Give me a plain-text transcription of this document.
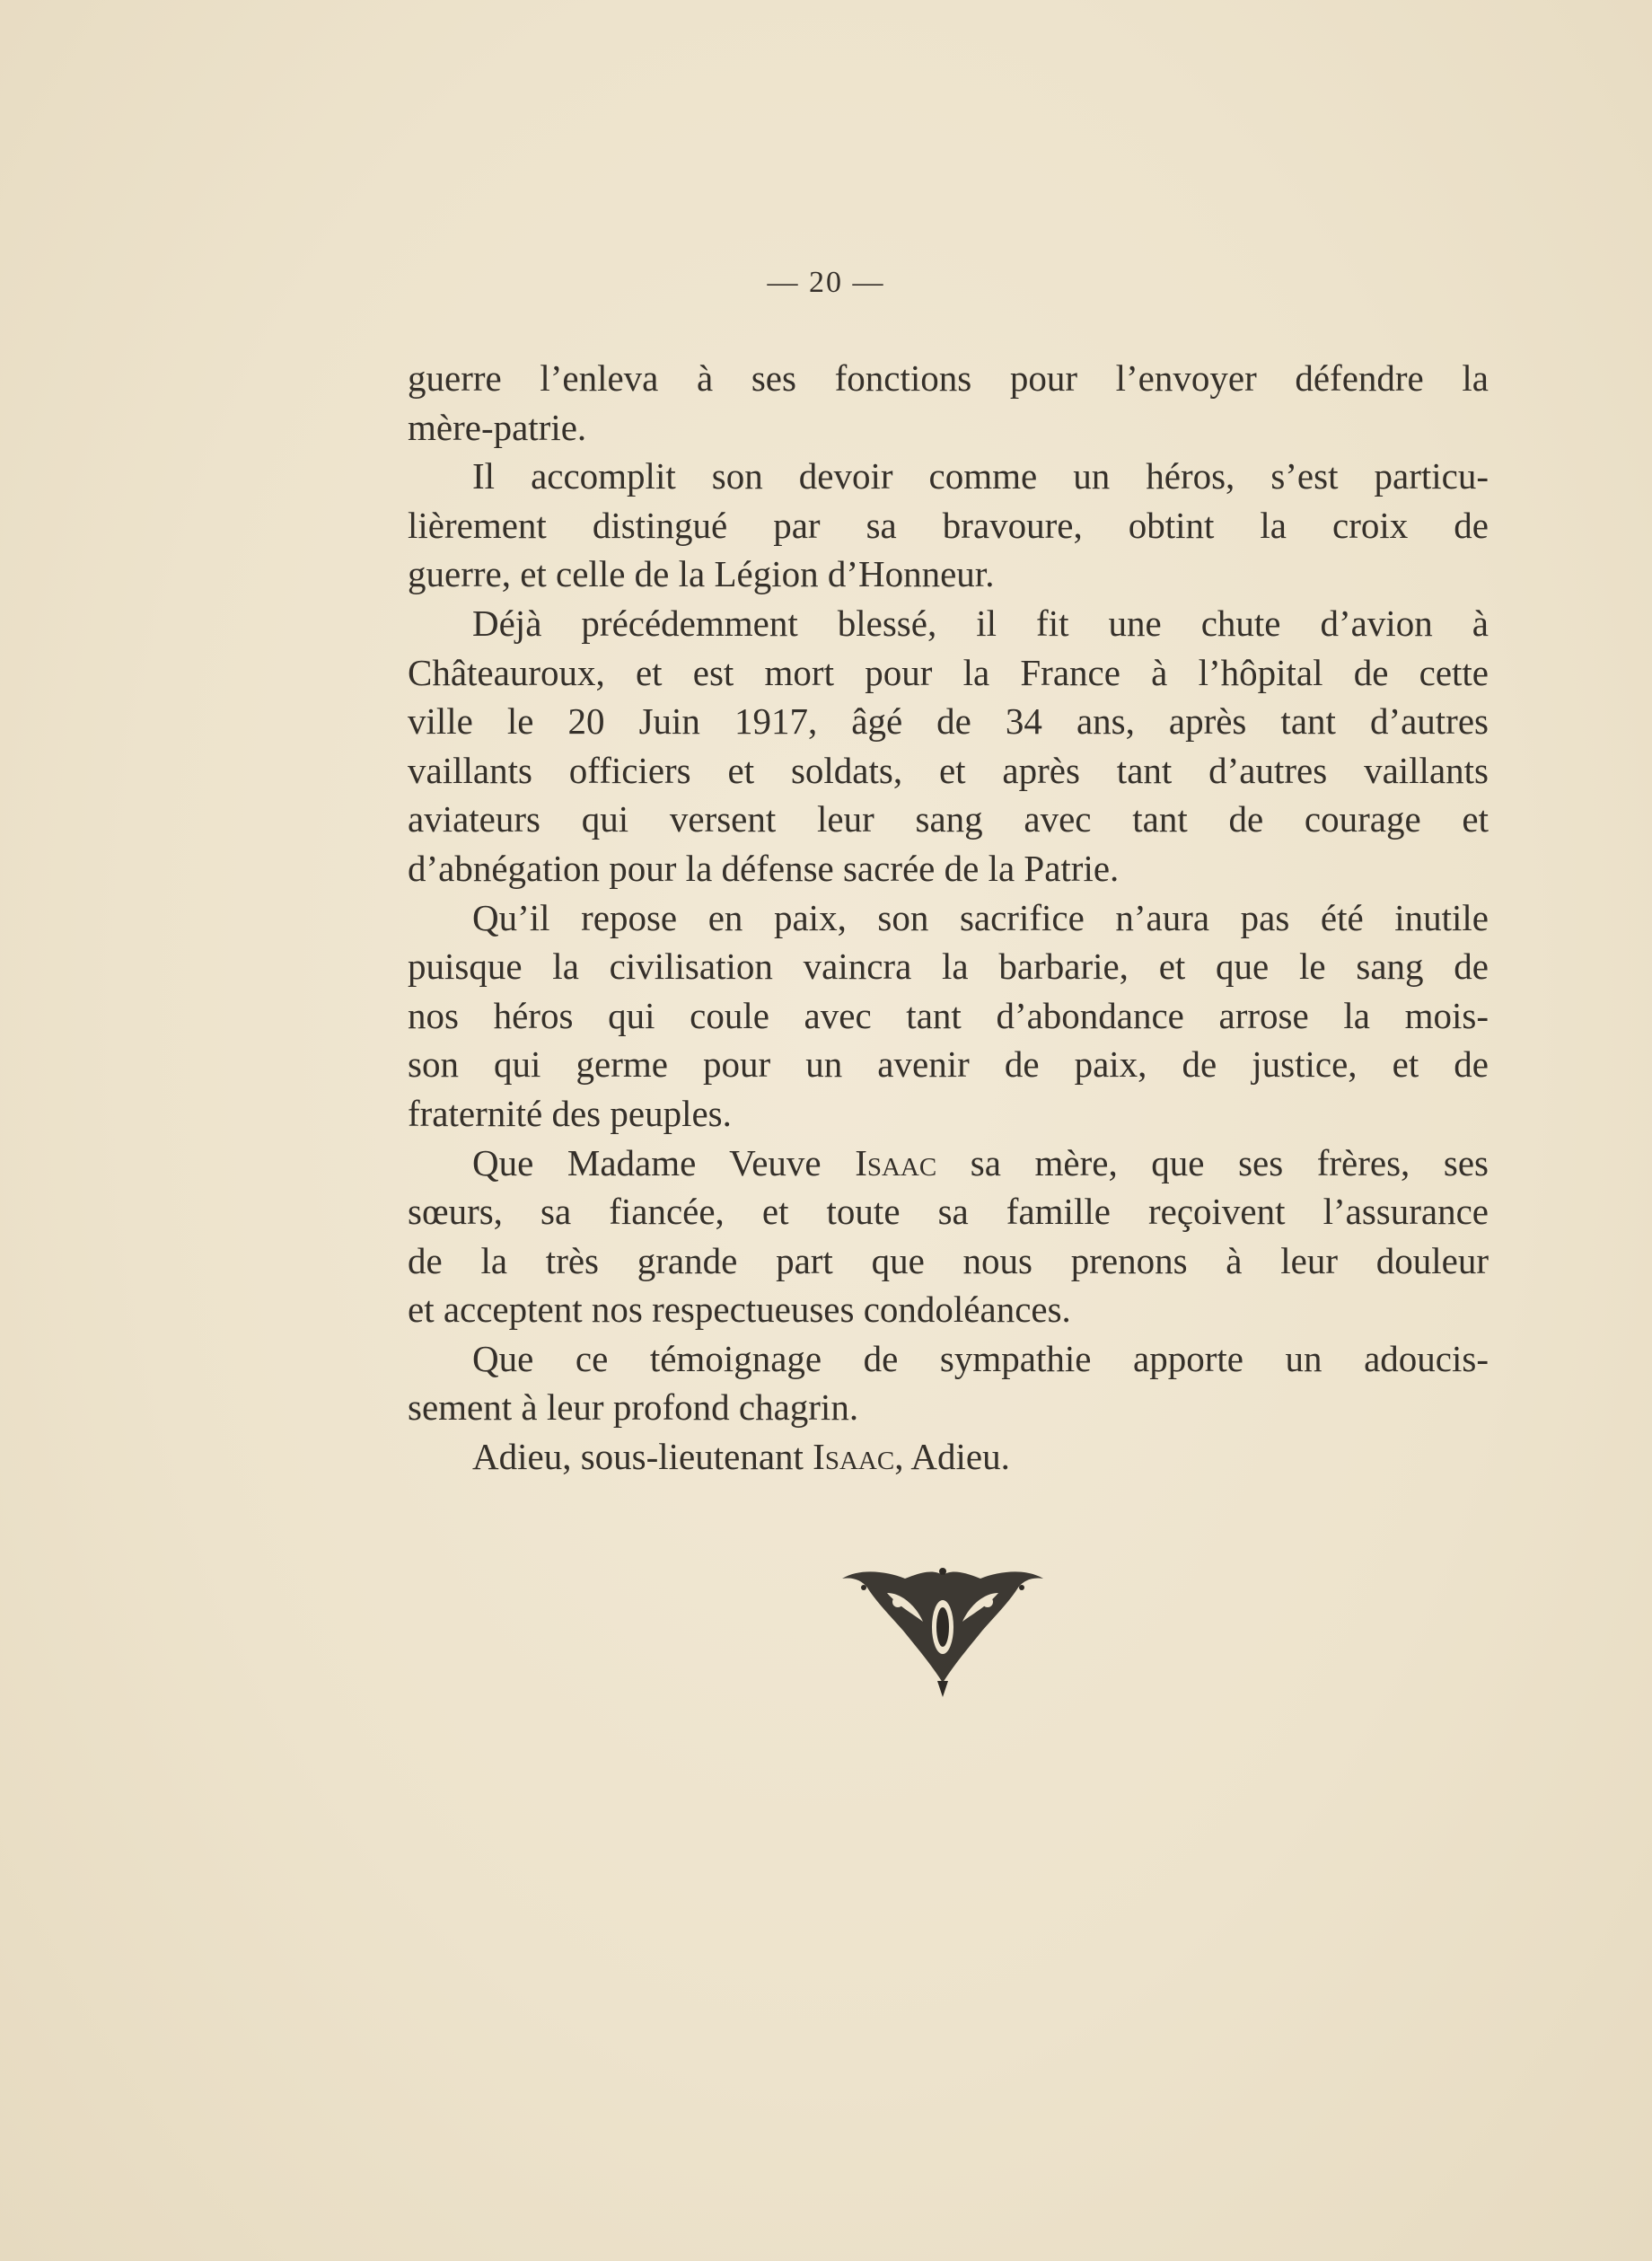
— 20 —
guerre l’enleva à ses fonctions pour l’envoyer défendre la
mère-patrie.
Il accomplit son devoir comme un héros, s’est particu-
lièrement distingué par sa bravoure, obtint la croix de
guerre, et celle de la Légion d’Honneur.
Déjà précédemment blessé, il fit une chute d’avion à
Châteauroux, et est mort pour la France à l’hôpital de cette
ville le 20 Juin 1917, âgé de 34 ans, après tant d’autres
vaillants officiers et soldats, et après tant d’autres vaillants
aviateurs qui versent leur sang avec tant de courage et
d’abnégation pour la défense sacrée de la Patrie.
Qu’il repose en paix, son sacrifice n’aura pas été inutile
puisque la civilisation vaincra la barbarie, et que le sang de
nos héros qui coule avec tant d’abondance arrose la mois-
son qui germe pour un avenir de paix, de justice, et de
fraternité des peuples.
Que Madame Veuve Isaac sa mère, que ses frères, ses
sœurs, sa fiancée, et toute sa famille reçoivent l’assurance
de la très grande part que nous prenons à leur douleur
et acceptent nos respectueuses condoléances.
Que ce témoignage de sympathie apporte un adoucis-
sement à leur profond chagrin.
Adieu, sous-lieutenant Isaac, Adieu.
